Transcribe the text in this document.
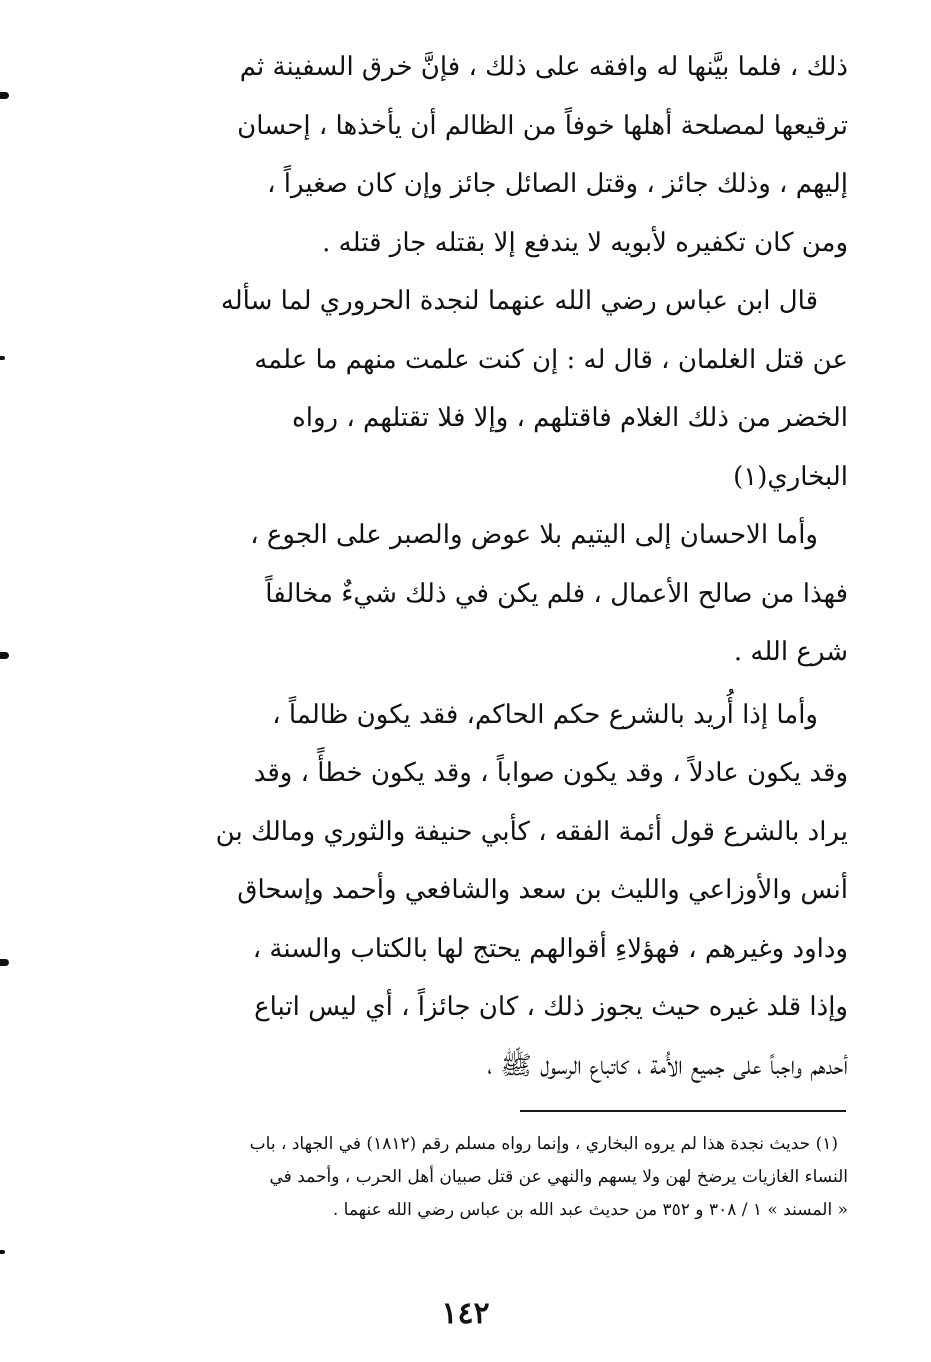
ذلك ، فلما بيَّنها له وافقه على ذلك ، فإنَّ خرق السفينة ثم
ترقيعها لمصلحة أهلها خوفاً من الظالم أن يأخذها ، إحسان
إليهم ، وذلك جائز ، وقتل الصائل جائز وإن كان صغيراً ،
ومن كان تكفيره لأبويه لا يندفع إلا بقتله جاز قتله .
قال ابن عباس رضي الله عنهما لنجدة الحروري لما سأله
عن قتل الغلمان ، قال له : إن كنت علمت منهم ما علمه
الخضر من ذلك الغلام فاقتلهم ، وإلا فلا تقتلهم ، رواه
البخاري(١)
وأما الاحسان إلى اليتيم بلا عوض والصبر على الجوع ،
فهذا من صالح الأعمال ، فلم يكن في ذلك شيءٌ مخالفاً
شرع الله .
وأما إذا أُريد بالشرع حكم الحاكم، فقد يكون ظالماً ،
وقد يكون عادلاً ، وقد يكون صواباً ، وقد يكون خطأً ، وقد
يراد بالشرع قول أئمة الفقه ، كأبي حنيفة والثوري ومالك بن
أنس والأوزاعي والليث بن سعد والشافعي وأحمد وإسحاق
وداود وغيرهم ، فهؤلاءِ أقوالهم يحتج لها بالكتاب والسنة ،
وإذا قلد غيره حيث يجوز ذلك ، كان جائزاً ، أي ليس اتباع
أحدهم واجباً على جميع الأُمة ، كاتباع الرسول ﷺ ،
(١) حديث نجدة هذا لم يروه البخاري ، وإنما رواه مسلم رقم (١٨١٢) في الجهاد ، باب
النساء الغازيات يرضخ لهن ولا يسهم والنهي عن قتل صبيان أهل الحرب ، وأحمد في
« المسند » ١ / ٣٠٨ و ٣٥٢ من حديث عبد الله بن عباس رضي الله عنهما .
١٤٢
